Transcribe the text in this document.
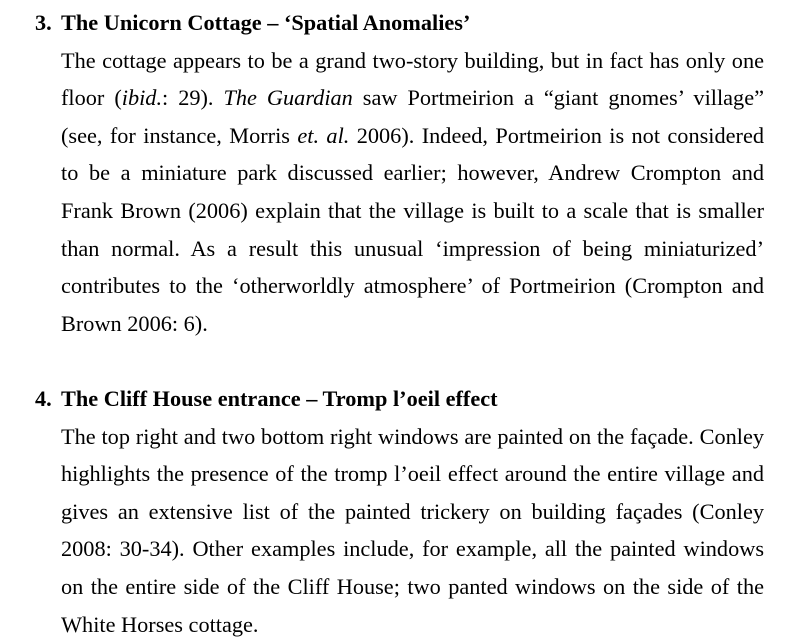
3. The Unicorn Cottage – ‘Spatial Anomalies’

The cottage appears to be a grand two-story building, but in fact has only one floor (ibid.: 29). The Guardian saw Portmeirion a “giant gnomes’ village” (see, for instance, Morris et. al. 2006). Indeed, Portmeirion is not considered to be a miniature park discussed earlier; however, Andrew Crompton and Frank Brown (2006) explain that the village is built to a scale that is smaller than normal. As a result this unusual ‘impression of being miniaturized’ contributes to the ‘otherworldly atmosphere’ of Portmeirion (Crompton and Brown 2006: 6).

4. The Cliff House entrance – Tromp l’oeil effect

The top right and two bottom right windows are painted on the façade. Conley highlights the presence of the tromp l’oeil effect around the entire village and gives an extensive list of the painted trickery on building façades (Conley 2008: 30-34). Other examples include, for example, all the painted windows on the entire side of the Cliff House; two panted windows on the side of the White Horses cottage.
